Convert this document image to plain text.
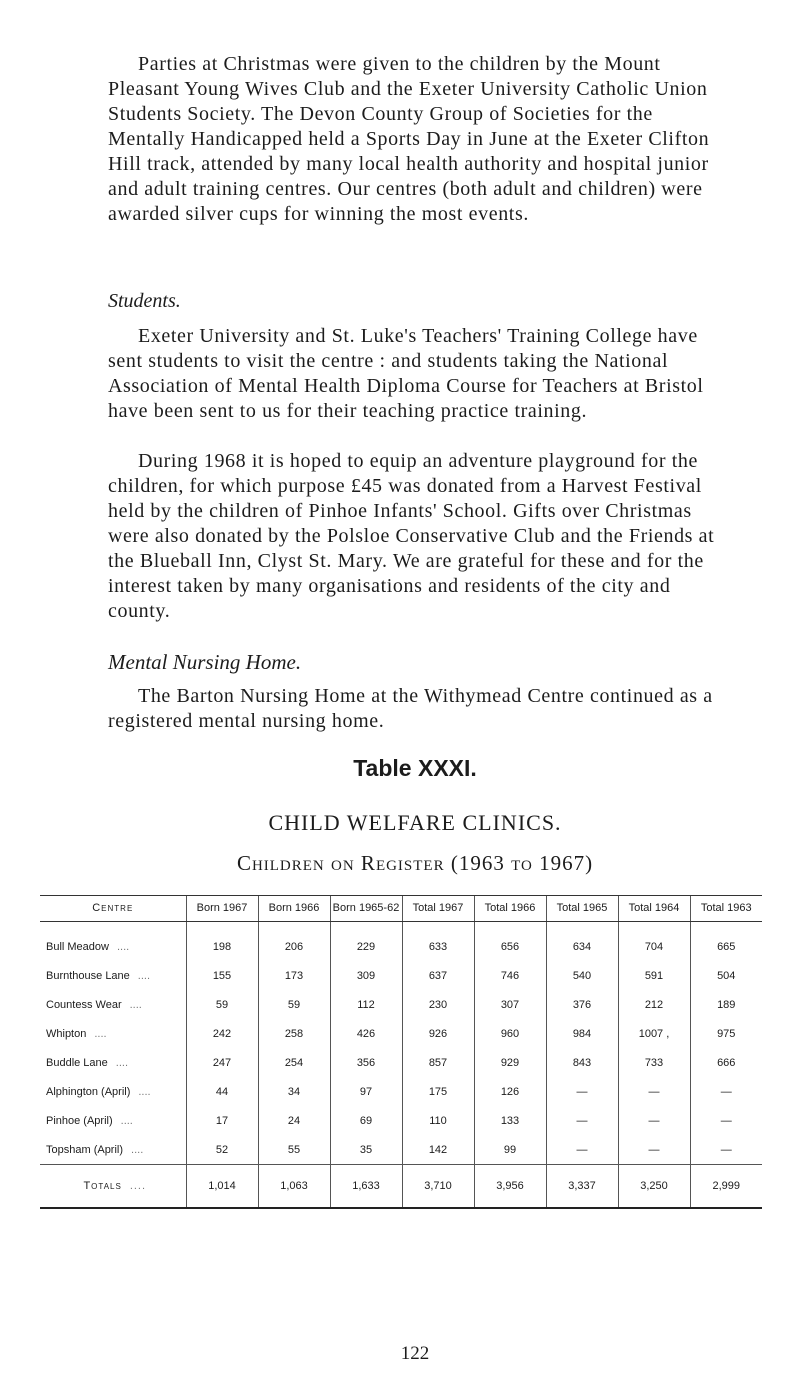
Parties at Christmas were given to the children by the Mount Pleasant Young Wives Club and the Exeter University Catholic Union Students Society. The Devon County Group of Societies for the Mentally Handicapped held a Sports Day in June at the Exeter Clifton Hill track, attended by many local health authority and hospital junior and adult training centres. Our centres (both adult and children) were awarded silver cups for winning the most events.

Students.

Exeter University and St. Luke's Teachers' Training College have sent students to visit the centre : and students taking the National Association of Mental Health Diploma Course for Teachers at Bristol have been sent to us for their teaching practice training.

During 1968 it is hoped to equip an adventure playground for the children, for which purpose £45 was donated from a Harvest Festival held by the children of Pinhoe Infants' School. Gifts over Christmas were also donated by the Polsloe Conservative Club and the Friends at the Blueball Inn, Clyst St. Mary. We are grateful for these and for the interest taken by many organisations and residents of the city and county.

Mental Nursing Home.

The Barton Nursing Home at the Withymead Centre continued as a registered mental nursing home.

Table XXXI.
CHILD WELFARE CLINICS.
Children on Register (1963 to 1967)
Centre	Born 1967	Born 1966	Born 1965-62	Total 1967	Total 1966	Total 1965	Total 1964	Total 1963
Bull Meadow ....	198	206	229	633	656	634	704	665
Burnthouse Lane ....	155	173	309	637	746	540	591	504
Countess Wear ....	59	59	112	230	307	376	212	189
Whipton ....	242	258	426	926	960	984	1007 ,	975
Buddle Lane ....	247	254	356	857	929	843	733	666
Alphington (April) ....	44	34	97	175	126	—	—	—
Pinhoe (April) ....	17	24	69	110	133	—	—	—
Topsham (April) ....	52	55	35	142	99	—	—	—
Totals ....	1,014	1,063	1,633	3,710	3,956	3,337	3,250	2,999
122
